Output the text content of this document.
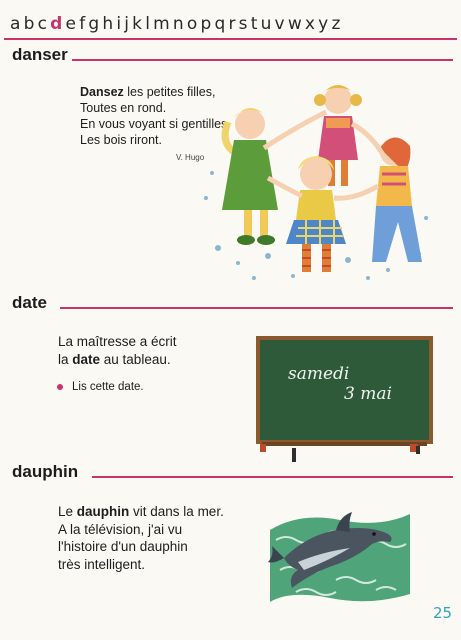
abcdefghijklmnopqrstuvwxyz
danser
Dansez les petites filles,
Toutes en rond.
En vous voyant si gentilles
Les bois riront.
V. Hugo
date
La maîtresse a écrit
la date au tableau.
Lis cette date.
samedi
3 mai
dauphin
Le dauphin vit dans la mer.
A la télévision, j'ai vu
l'histoire d'un dauphin
très intelligent.
25
